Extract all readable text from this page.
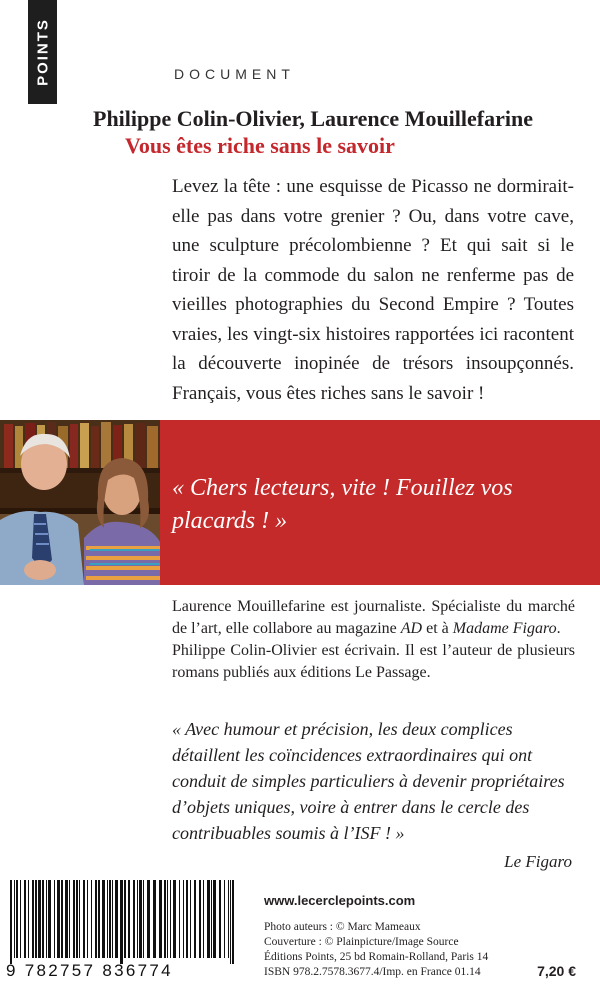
POINTS	DOCUMENT
Philippe Colin-Olivier, Laurence Mouillefarine
Vous êtes riche sans le savoir
Levez la tête : une esquisse de Picasso ne dormirait-elle pas dans votre grenier ? Ou, dans votre cave, une sculpture précolombienne ? Et qui sait si le tiroir de la commode du salon ne renferme pas de vieilles photographies du Second Empire ? Toutes vraies, les vingt-six histoires rapportées ici racontent la découverte inopinée de trésors insoupçonnés. Français, vous êtes riches sans le savoir !
« Chers lecteurs, vite ! Fouillez vos placards ! »

Laurence Mouillefarine est journaliste. Spécialiste du marché de l’art, elle collabore au magazine AD et à Madame Figaro.

Philippe Colin-Olivier est écrivain. Il est l’auteur de plusieurs romans publiés aux éditions Le Passage.

« Avec humour et précision, les deux complices détaillent les coïncidences extraordinaires qui ont conduit de simples particuliers à devenir propriétaires d’objets uniques, voire à entrer dans le cercle des contribuables soumis à l’ISF ! »
Le Figaro
9 782757 836774
www.lecerclepoints.com
Photo auteurs : © Marc Mameaux
Couverture : © Plainpicture/Image Source
Éditions Points, 25 bd Romain-Rolland, Paris 14
ISBN 978.2.7578.3677.4/Imp. en France 01.14	7,20 €
